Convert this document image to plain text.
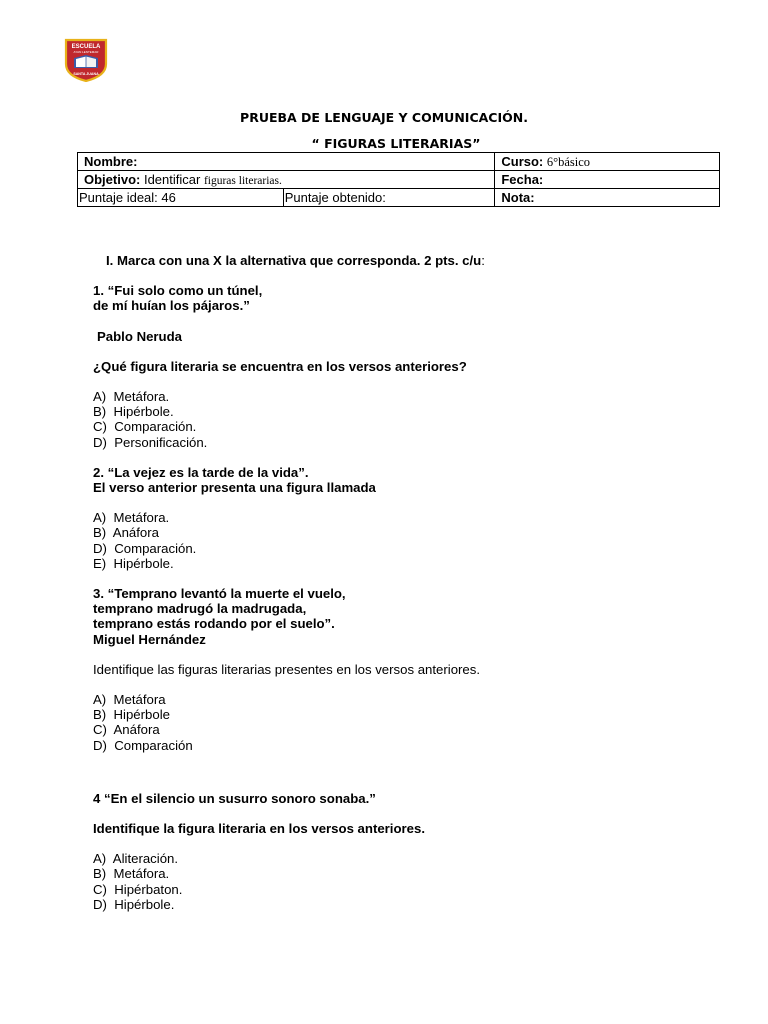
ESCUELA
AYAN LENTEMAR
SANTA JUANA
PRUEBA DE LENGUAJE Y COMUNICACIÓN.
“ FIGURAS LITERARIAS”
Nombre:		Curso: 6°básico
Objetivo: Identificar figuras literarias.		Fecha:
Puntaje ideal: 46	Puntaje obtenido:	Nota:

I. Marca con una X la alternativa que corresponda. 2 pts. c/u:

1. “Fui solo como un túnel,

de mí huían los pájaros.”

Pablo Neruda

¿Qué figura literaria se encuentra en los versos anteriores?

A)  Metáfora.

B)  Hipérbole.

C)  Comparación.

D)  Personificación.

2. “La vejez es la tarde de la vida”.

El verso anterior presenta una figura llamada

A)  Metáfora.

B)  Anáfora

D)  Comparación.

E)  Hipérbole.

3. “Temprano levantó la muerte el vuelo,

temprano madrugó la madrugada,

temprano estás rodando por el suelo”.

Miguel Hernández

Identifique las figuras literarias presentes en los versos anteriores.

A)  Metáfora

B)  Hipérbole

C)  Anáfora

D)  Comparación

4 “En el silencio un susurro sonoro sonaba.”

Identifique la figura literaria en los versos anteriores.

A)  Aliteración.

B)  Metáfora.

C)  Hipérbaton.

D)  Hipérbole.
